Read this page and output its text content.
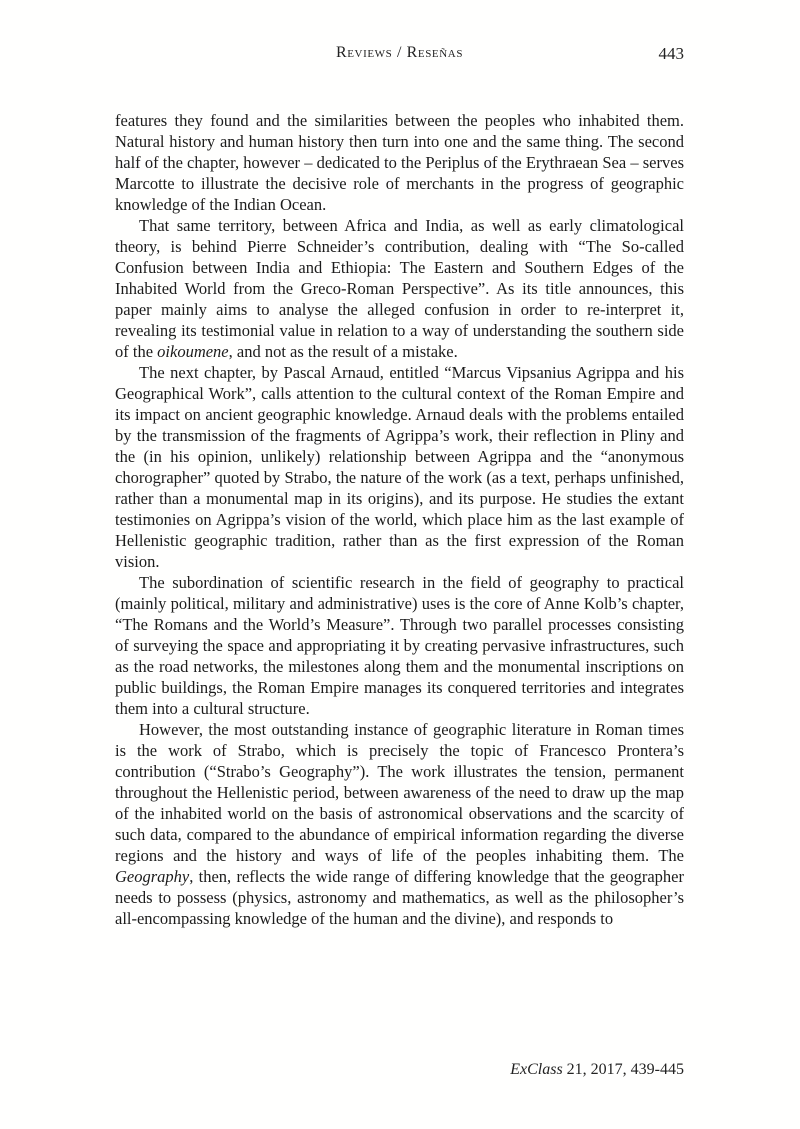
Reviews / Reseñas	443

features they found and the similarities between the peoples who inhabited them. Natural history and human history then turn into one and the same thing. The second half of the chapter, however – dedicated to the Periplus of the Erythraean Sea – serves Marcotte to illustrate the decisive role of merchants in the progress of geographic knowledge of the Indian Ocean.

That same territory, between Africa and India, as well as early climatological theory, is behind Pierre Schneider’s contribution, dealing with “The So-called Confusion between India and Ethiopia: The Eastern and Southern Edges of the Inhabited World from the Greco-Roman Perspective”. As its title announces, this paper mainly aims to analyse the alleged confusion in order to re-interpret it, revealing its testimonial value in relation to a way of understanding the southern side of the oikoumene, and not as the result of a mistake.

The next chapter, by Pascal Arnaud, entitled “Marcus Vipsanius Agrippa and his Geographical Work”, calls attention to the cultural context of the Roman Empire and its impact on ancient geographic knowledge. Arnaud deals with the problems entailed by the transmission of the fragments of Agrippa’s work, their reflection in Pliny and the (in his opinion, unlikely) relationship between Agrippa and the “anonymous chorographer” quoted by Strabo, the nature of the work (as a text, perhaps unfinished, rather than a monumental map in its origins), and its purpose. He studies the extant testimonies on Agrippa’s vision of the world, which place him as the last example of Hellenistic geographic tradition, rather than as the first expression of the Roman vision.

The subordination of scientific research in the field of geography to practical (mainly political, military and administrative) uses is the core of Anne Kolb’s chapter, “The Romans and the World’s Measure”. Through two parallel processes consisting of surveying the space and appropriating it by creating pervasive infrastructures, such as the road networks, the milestones along them and the monumental inscriptions on public buildings, the Roman Empire manages its conquered territories and integrates them into a cultural structure.

However, the most outstanding instance of geographic literature in Roman times is the work of Strabo, which is precisely the topic of Francesco Prontera’s contribution (“Strabo’s Geography”). The work illustrates the tension, permanent throughout the Hellenistic period, between awareness of the need to draw up the map of the inhabited world on the basis of astronomical observations and the scarcity of such data, compared to the abundance of empirical information regarding the diverse regions and the history and ways of life of the peoples inhabiting them. The Geography, then, reflects the wide range of differing knowledge that the geographer needs to possess (physics, astronomy and mathematics, as well as the philosopher’s all-encompassing knowledge of the human and the divine), and responds to

ExClass 21, 2017, 439-445
